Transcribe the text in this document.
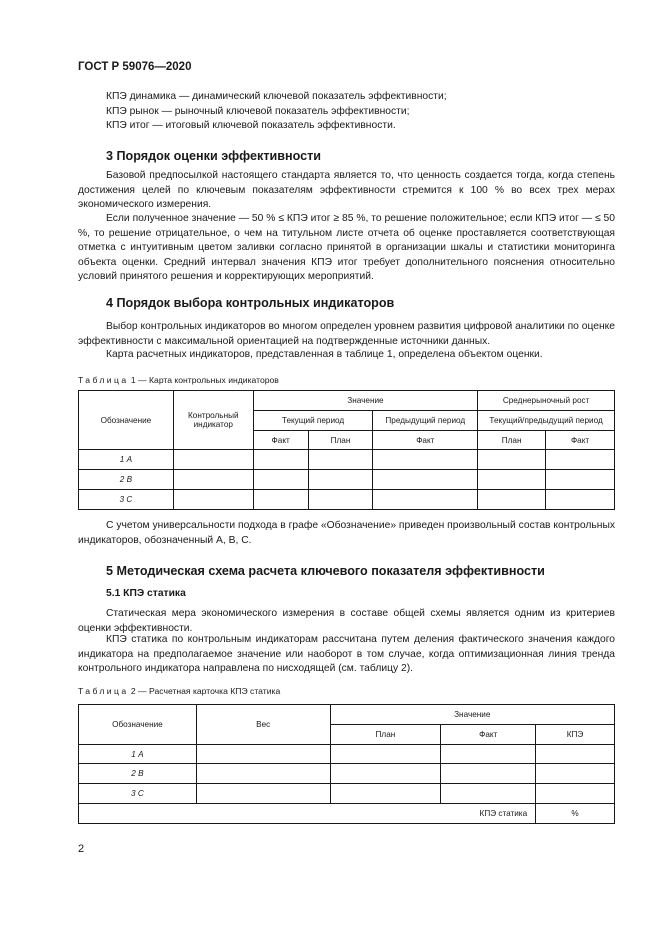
ГОСТ Р 59076—2020
КПЭ динамика — динамический ключевой показатель эффективности;
КПЭ рынок — рыночный ключевой показатель эффективности;
КПЭ итог — итоговый ключевой показатель эффективности.
3 Порядок оценки эффективности
Базовой предпосылкой настоящего стандарта является то, что ценность создается тогда, когда степень достижения целей по ключевым показателям эффективности стремится к 100 % во всех трех мерах экономического измерения.
Если полученное значение — 50 % ≤ КПЭ итог ≥ 85 %, то решение положительное; если КПЭ итог — ≤ 50 %, то решение отрицательное, о чем на титульном листе отчета об оценке проставляется соответствующая отметка с интуитивным цветом заливки согласно принятой в организации шкалы и статистики мониторинга объекта оценки. Средний интервал значения КПЭ итог требует дополнительного пояснения относительно условий принятого решения и корректирующих мероприятий.
4 Порядок выбора контрольных индикаторов
Выбор контрольных индикаторов во многом определен уровнем развития цифровой аналитики по оценке эффективности с максимальной ориентацией на подтвержденные источники данных.
Карта расчетных индикаторов, представленная в таблице 1, определена объектом оценки.
Таблица 1 — Карта контрольных индикаторов
Обозначение	Контрольный индикатор	Значение			Среднерыночный рост	
		Текущий период		Предыдущий период	Текущий/предыдущий период	
		Факт	План	Факт	План	Факт
1 А						
2 В						
3 С						
С учетом универсальности подхода в графе «Обозначение» приведен произвольный состав контрольных индикаторов, обозначенный А, В, С.
5 Методическая схема расчета ключевого показателя эффективности
5.1 КПЭ статика
Статическая мера экономического измерения в составе общей схемы является одним из критериев оценки эффективности.
КПЭ статика по контрольным индикаторам рассчитана путем деления фактического значения каждого индикатора на предполагаемое значение или наоборот в том случае, когда оптимизационная линия тренда контрольного индикатора направлена по нисходящей (см. таблицу 2).
Таблица 2 — Расчетная карточка КПЭ статика
Обозначение	Вес	Значение		
		План	Факт	КПЭ
1 А				
2 В				
3 С				
КПЭ статика				%
2
